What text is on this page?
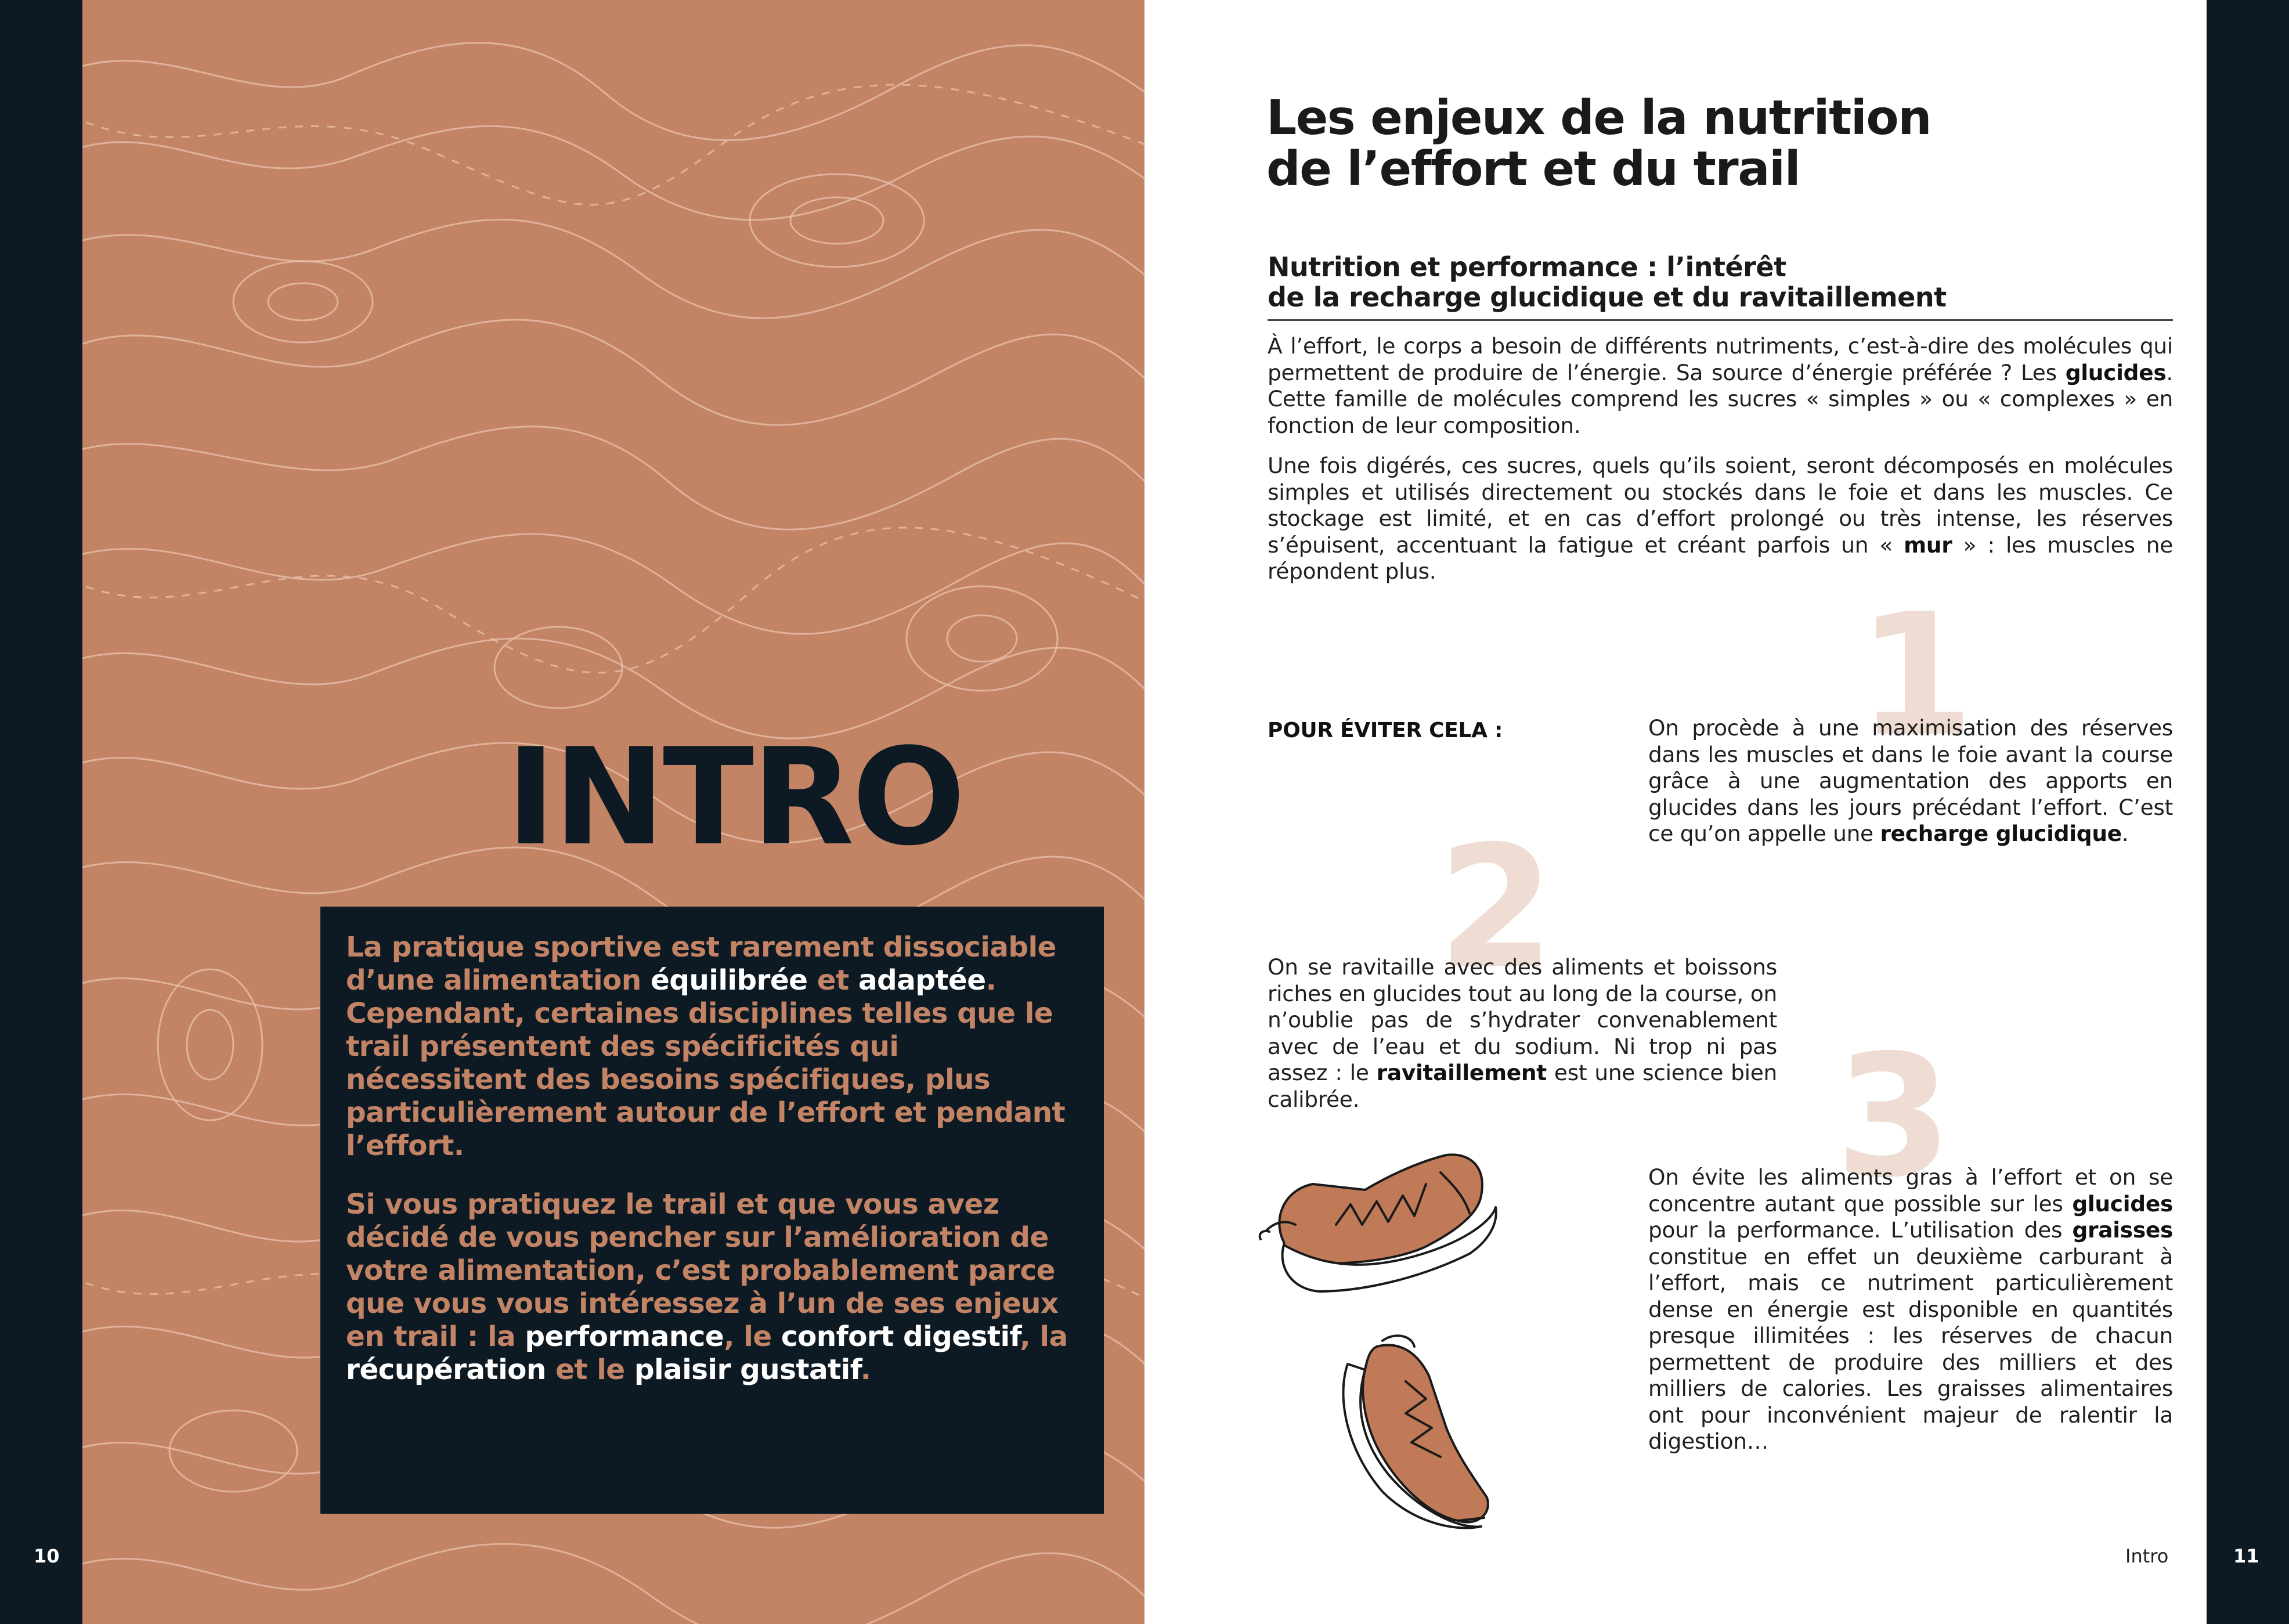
INTRO

La pratique sportive est rarement dissociable d’une alimentation équilibrée et adaptée. Cependant, certaines disciplines telles que le trail présentent des spécificités qui nécessitent des besoins spécifiques, plus particulièrement autour de l’effort et pendant l’effort.

Si vous pratiquez le trail et que vous avez décidé de vous pencher sur l’amélioration de votre alimentation, c’est probablement parce que vous vous intéressez à l’un de ses enjeux en trail : la performance, le confort digestif, la récupération et le plaisir gustatif.

10
Les enjeux de la nutrition
de l’effort et du trail
Nutrition et performance : l’intérêt
de la recharge glucidique et du ravitaillement

À l’effort, le corps a besoin de différents nutriments, c’est-à-dire des molécules qui permettent de produire de l’énergie. Sa source d’énergie préférée ? Les glucides. Cette famille de molécules comprend les sucres « simples » ou « complexes » en fonction de leur composition.

Une fois digérés, ces sucres, quels qu’ils soient, seront décomposés en molécules simples et utilisés directement ou stockés dans le foie et dans les muscles. Ce stockage est limité, et en cas d’effort prolongé ou très intense, les réserves s’épuisent, accentuant la fatigue et créant parfois un « mur » : les muscles ne répondent plus.

1
2
3
POUR ÉVITER CELA :	On procède à une maximisation des réserves dans les muscles et dans le foie avant la course grâce à une augmentation des apports en glucides dans les jours précédant l’effort. C’est ce qu’on appelle une recharge glucidique.

On se ravitaille avec des aliments et boissons riches en glucides tout au long de la course, on n’oublie pas de s’hydrater convenablement avec de l’eau et du sodium. Ni trop ni pas assez : le ravitaillement est une science bien calibrée.

On évite les aliments gras à l’effort et on se concentre autant que possible sur les glucides pour la performance. L’utilisation des graisses constitue en effet un deuxième carburant à l’effort, mais ce nutriment particulièrement dense en énergie est disponible en quantités presque illimitées : les réserves de chacun permettent de produire des milliers et des milliers de calories. Les graisses alimentaires ont pour inconvénient majeur de ralentir la digestion…

Intro	11
